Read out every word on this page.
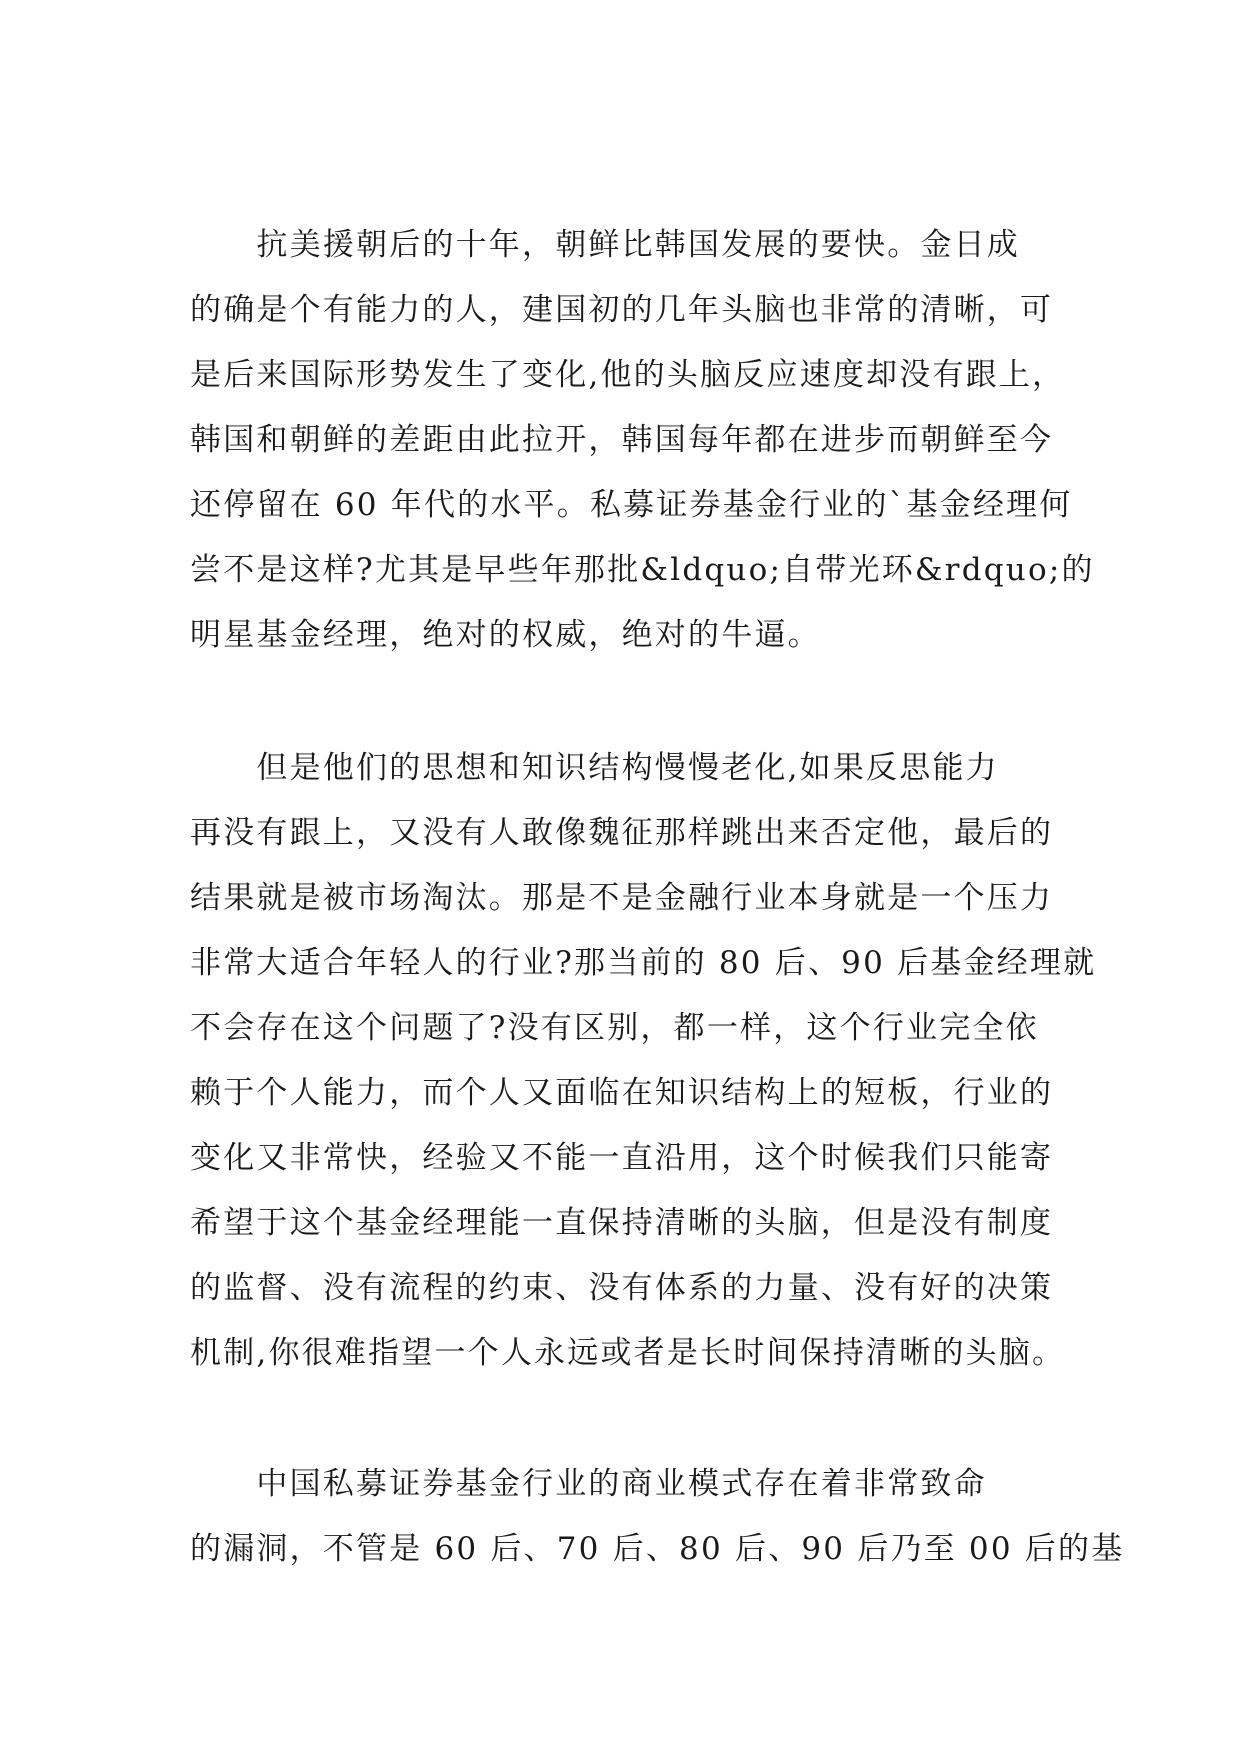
　　抗美援朝后的十年，朝鲜比韩国发展的要快。金日成
的确是个有能力的人，建国初的几年头脑也非常的清晰，可
是后来国际形势发生了变化,他的头脑反应速度却没有跟上，
韩国和朝鲜的差距由此拉开，韩国每年都在进步而朝鲜至今
还停留在 60 年代的水平。私募证券基金行业的`基金经理何
尝不是这样?尤其是早些年那批&ldquo;自带光环&rdquo;的
明星基金经理，绝对的权威，绝对的牛逼。
　　但是他们的思想和知识结构慢慢老化,如果反思能力
再没有跟上，又没有人敢像魏征那样跳出来否定他，最后的
结果就是被市场淘汰。那是不是金融行业本身就是一个压力
非常大适合年轻人的行业?那当前的 80 后、90 后基金经理就
不会存在这个问题了?没有区别，都一样，这个行业完全依
赖于个人能力，而个人又面临在知识结构上的短板，行业的
变化又非常快，经验又不能一直沿用，这个时候我们只能寄
希望于这个基金经理能一直保持清晰的头脑，但是没有制度
的监督、没有流程的约束、没有体系的力量、没有好的决策
机制,你很难指望一个人永远或者是长时间保持清晰的头脑。
　　中国私募证券基金行业的商业模式存在着非常致命
的漏洞，不管是 60 后、70 后、80 后、90 后乃至 00 后的基
